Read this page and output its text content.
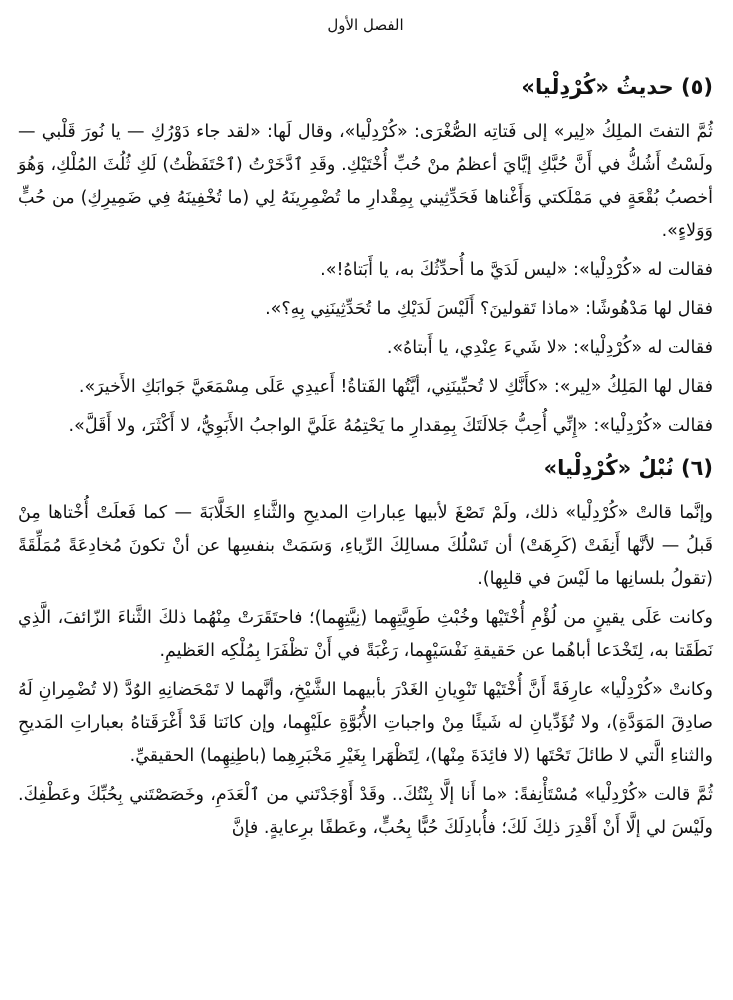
الفصل الأول
(٥) حديثُ «كُرْدِلْيا»

ثُمَّ التفتَ الملِكُ «لِير» إلى فَتاتِه الصُّغْرَى: «كُرْدِلْيا»، وقال لَها: «لقد جاء دَوْرُكِ — يا نُورَ قَلْبي — ولَسْتُ أَشُكُّ في أَنَّ حُبَّكِ إيَّايَ أعظمُ منْ حُبِّ أُخْتَيْكِ. وقَدِ ٱدَّخَرْتُ (ٱحْتَفَظْتُ) لَكِ ثُلُثَ المُلْكِ، وَهُوَ أخصبُ بُقْعَةٍ في مَمْلَكتي وَأَغْناها فَحَدِّثِيني بِمِقْدارِ ما تُضْمِرِينَهُ لِي (ما تُخْفِينَهُ فِي ضَمِيرِكِ) من حُبٍّ وَوَلاءٍ».

فقالت له «كُرْدِلْيا»: «ليس لَدَيَّ ما أُحدِّثُكَ به، يا أَبَتاهُ!».

فقال لها مَدْهُوشًا: «ماذا تَقولينَ؟ أَلَيْسَ لَدَيْكِ ما تُحَدِّثِينَنِي بِهِ؟».

فقالت له «كُرْدِلْيا»: «لا شَيءَ عِنْدِي، يا أَبتاهُ».

فقال لها المَلِكُ «لِير»: «كأَنَّكِ لا تُحبِّينَنِي، أيَّتُها الفَتاةُ! أَعيدِي عَلَى مِسْمَعَيَّ جَوابَكِ الأَخيرَ».

فقالت «كُرْدِلْيا»: «إِنِّي أُحِبُّ جَلالَتَكَ بِمِقدارِ ما يَحْتِمُهُ عَلَيَّ الواجبُ الأَبَوِيُّ، لا أَكْثَرَ، ولا أَقَلَّ».

(٦) نُبْلُ «كُرْدِلْيا»

وإنَّما قالتْ «كُرْدِلْيا» ذلك، ولَمْ تَصْغَ لأبيها عِباراتِ المديحِ والثَّناءِ الخَلَّابَةَ — كما فَعلَتْ أُخْتاها مِنْ قَبلُ — لأنَّها أَنِفَتْ (كَرِهَتْ) أن تَسْلُكَ مسالِكَ الرِّياءِ، وَسَمَتْ بنفسِها عن أنْ تكونَ مُخادِعَةً مُمَلِّقَةً (تقولُ بلسانِها ما لَيْسَ في قلبِها).

وكانت عَلَى يقينٍ من لُؤْمِ أُخْتَيْها وخُبْثِ طَوِيَّتِهِما (نِيَّتِهِما)؛ فاحتَقَرَتْ مِنْهُما ذلكَ الثَّناءَ الزّائفَ، الَّذِي نَطَقَتا به، لِتَخْدَعا أباهُما عن حَقيقةِ نَفْسَيْهِما، رَغْبَةً في أَنْ تظْفَرَا بِمُلْكِه العَظيمِ.

وكانتْ «كُرْدِلْيا» عارِفَةً أَنَّ أُخْتَيْها تَنْوِيانِ الغَدْرَ بأبيهما الشَّيْخِ، وأنَّهما لا تَمْحَضانِهِ الوُدَّ (لا تُضْمِرانِ لَهُ صادِقَ المَوَدَّةِ)، ولا تُؤَدِّيانِ له شَيئًا مِنْ واجباتِ الأُبُوَّةِ علَيْهِما، وإن كانَتا قَدْ أَغْرَقَتاهُ بعباراتِ المَديحِ والثناءِ الَّتي لا طائلَ تَحْتَها (لا فائِدَةَ مِنْها)، لِتَظْهَرا بِغَيْرِ مَخْبَرِهِما (باطِنِهِما) الحقيقيِّ.

ثُمَّ قالت «كُرْدِلْيا» مُسْتَأْنِفةً: «ما أَنا إلَّا بِنْتُكَ.. وقَدْ أَوْجَدْتَني من ٱلْعَدَمِ، وخَصَصْتَني بِحُبِّكَ وعَطْفِكَ. ولَيْسَ لي إلَّا أَنْ أَقْدِرَ ذلِكَ لَكَ؛ فأُبادِلَكَ حُبًّا بِحُبٍّ، وعَطفًا برِعايةٍ. فإنَّ
